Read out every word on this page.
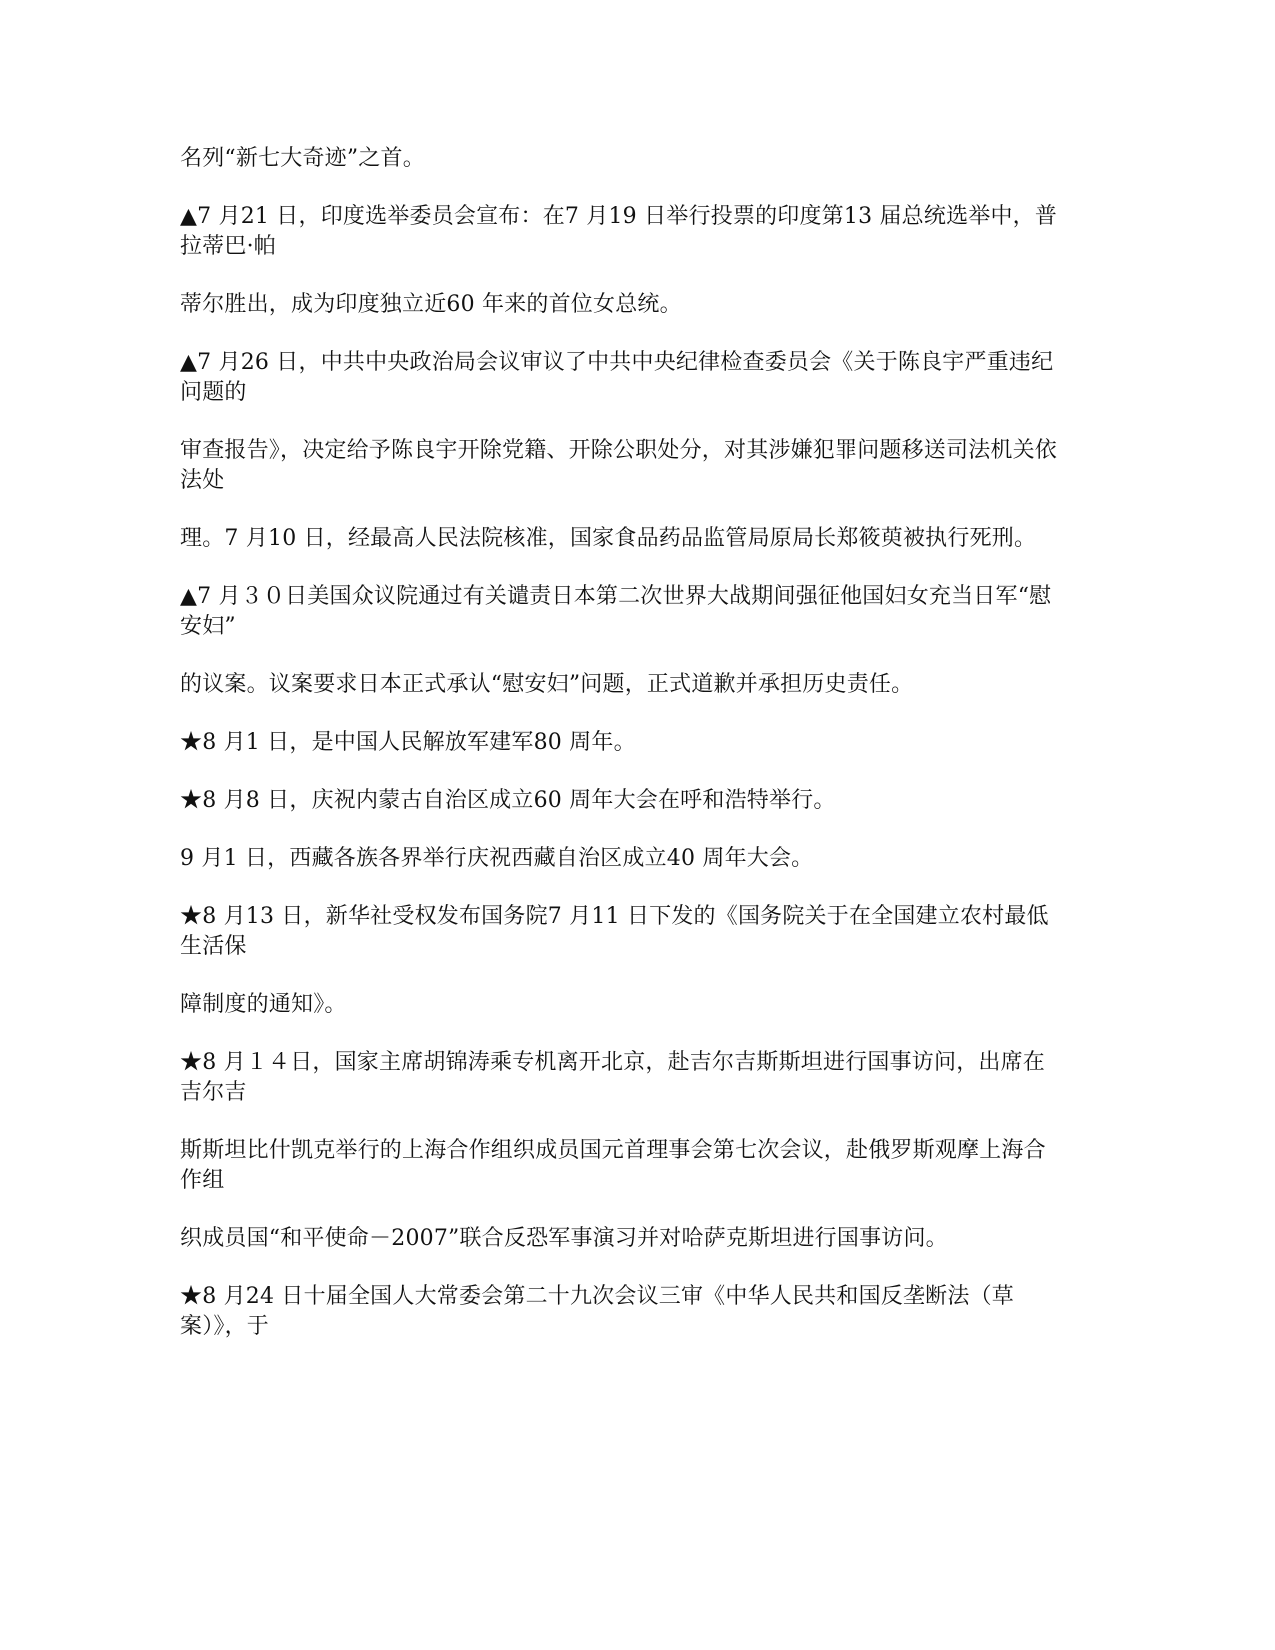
名列“新七大奇迹”之首。

▲7 月21 日，印度选举委员会宣布：在7 月19 日举行投票的印度第13 届总统选举中，普拉蒂巴·帕

蒂尔胜出，成为印度独立近60 年来的首位女总统。

▲7 月26 日，中共中央政治局会议审议了中共中央纪律检查委员会《关于陈良宇严重违纪问题的

审查报告》，决定给予陈良宇开除党籍、开除公职处分，对其涉嫌犯罪问题移送司法机关依法处

理。7 月10 日，经最高人民法院核准，国家食品药品监管局原局长郑筱萸被执行死刑。

▲7 月３０日美国众议院通过有关谴责日本第二次世界大战期间强征他国妇女充当日军“慰安妇”

的议案。议案要求日本正式承认“慰安妇”问题，正式道歉并承担历史责任。

★8 月1 日，是中国人民解放军建军80 周年。

★8 月8 日，庆祝内蒙古自治区成立60 周年大会在呼和浩特举行。

9 月1 日，西藏各族各界举行庆祝西藏自治区成立40 周年大会。

★8 月13 日，新华社受权发布国务院7 月11 日下发的《国务院关于在全国建立农村最低生活保

障制度的通知》。

★8 月１４日，国家主席胡锦涛乘专机离开北京，赴吉尔吉斯斯坦进行国事访问，出席在吉尔吉

斯斯坦比什凯克举行的上海合作组织成员国元首理事会第七次会议，赴俄罗斯观摩上海合作组

织成员国“和平使命－2007”联合反恐军事演习并对哈萨克斯坦进行国事访问。

★8 月24 日十届全国人大常委会第二十九次会议三审《中华人民共和国反垄断法（草案）》，于
